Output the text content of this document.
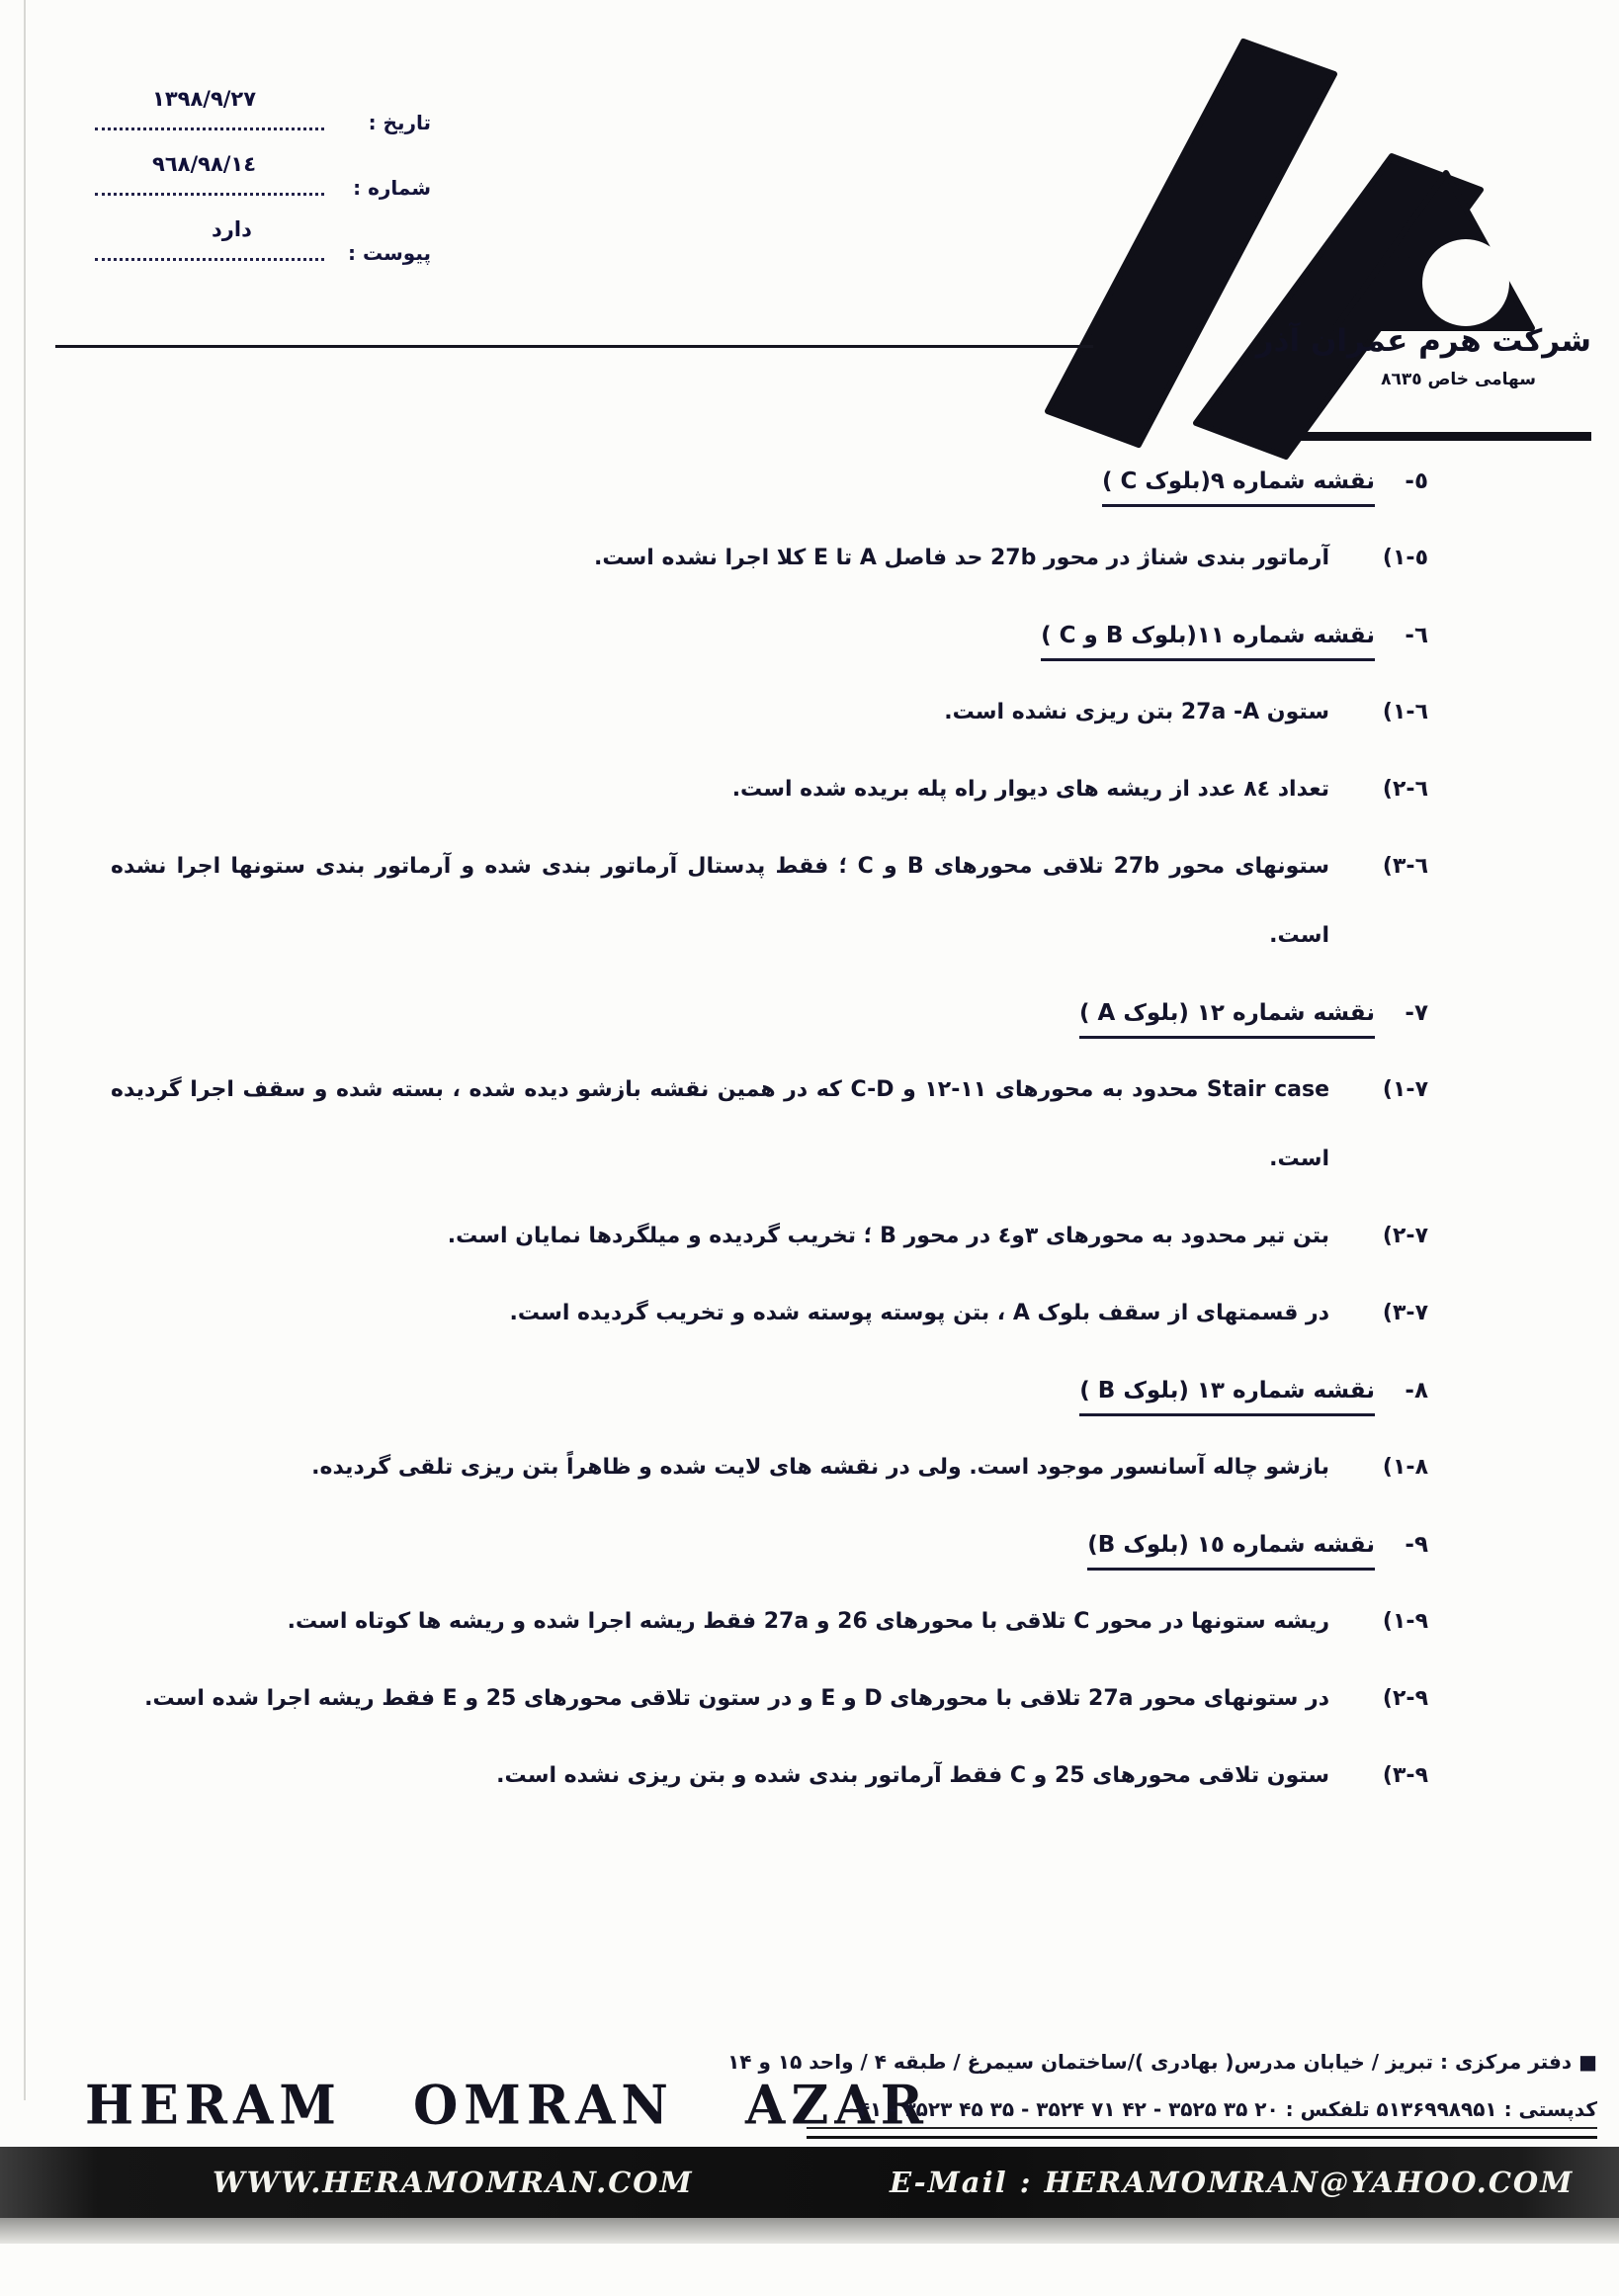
١٣٩٨/٩/٢٧
تاریخ :
٩٦٨/٩٨/١٤
شماره :
دارد
پیوست :
شرکت هرم عمران آذر
سهامی خاص ٨٦٣٥
٥-
نقشه شماره ٩(بلوک C )
٥-١)
آرماتور بندی شناژ در محور 27b حد فاصل A تا E کلا اجرا نشده است.
٦-
نقشه شماره ١١(بلوک B و C )
٦-١)
ستون 27a -A بتن ریزی نشده است.
٦-٢)
تعداد ٨٤ عدد از ریشه های دیوار راه پله بریده شده است.
٦-٣)
ستونهای محور 27b تلاقی محورهای B و C ؛ فقط پدستال آرماتور بندی شده و آرماتور بندی ستونها اجرا نشده است.
٧-
نقشه شماره ١٢ (بلوک A )
٧-١)
Stair case محدود به محورهای ١١-١٢ و C-D که در همین نقشه بازشو دیده شده ، بسته شده و سقف اجرا گردیده است.
٧-٢)
بتن تیر محدود به محورهای ٣و٤ در محور B ؛ تخریب گردیده و میلگردها نمایان است.
٧-٣)
در قسمتهای از سقف بلوک A ، بتن پوسته پوسته شده و تخریب گردیده است.
٨-
نقشه شماره ١٣ (بلوک B )
٨-١)
بازشو چاله آسانسور موجود است. ولی در نقشه های لایت شده و ظاهراً بتن ریزی تلقی گردیده.
٩-
نقشه شماره ١٥ (بلوک B)
٩-١)
ریشه ستونها در محور C تلاقی با محورهای 26 و 27a فقط ریشه اجرا شده و ریشه ها کوتاه است.
٩-٢)
در ستونهای محور 27a تلاقی با محورهای D و E و در ستون تلاقی محورهای 25 و E فقط ریشه اجرا شده است.
٩-٣)
ستون تلاقی محورهای 25 و C فقط آرماتور بندی شده و بتن ریزی نشده است.
HERAM OMRAN AZAR
■ دفتر مرکزی : تبریز / خیابان مدرس( بهادری )/ساختمان سیمرغ / طبقه ۴ / واحد ۱۵ و ۱۴
کدپستی : ۵۱۳۶۹۹۸۹۵۱ تلفکس : ۰۴۱ - ۳۵۲۳ ۴۵ ۳۵ - ۳۵۲۴ ۷۱ ۴۲ - ۳۵۲۵ ۳۵ ۲۰
WWW.HERAMOMRAN.COM	E-Mail : HERAMOMRAN@YAHOO.COM
